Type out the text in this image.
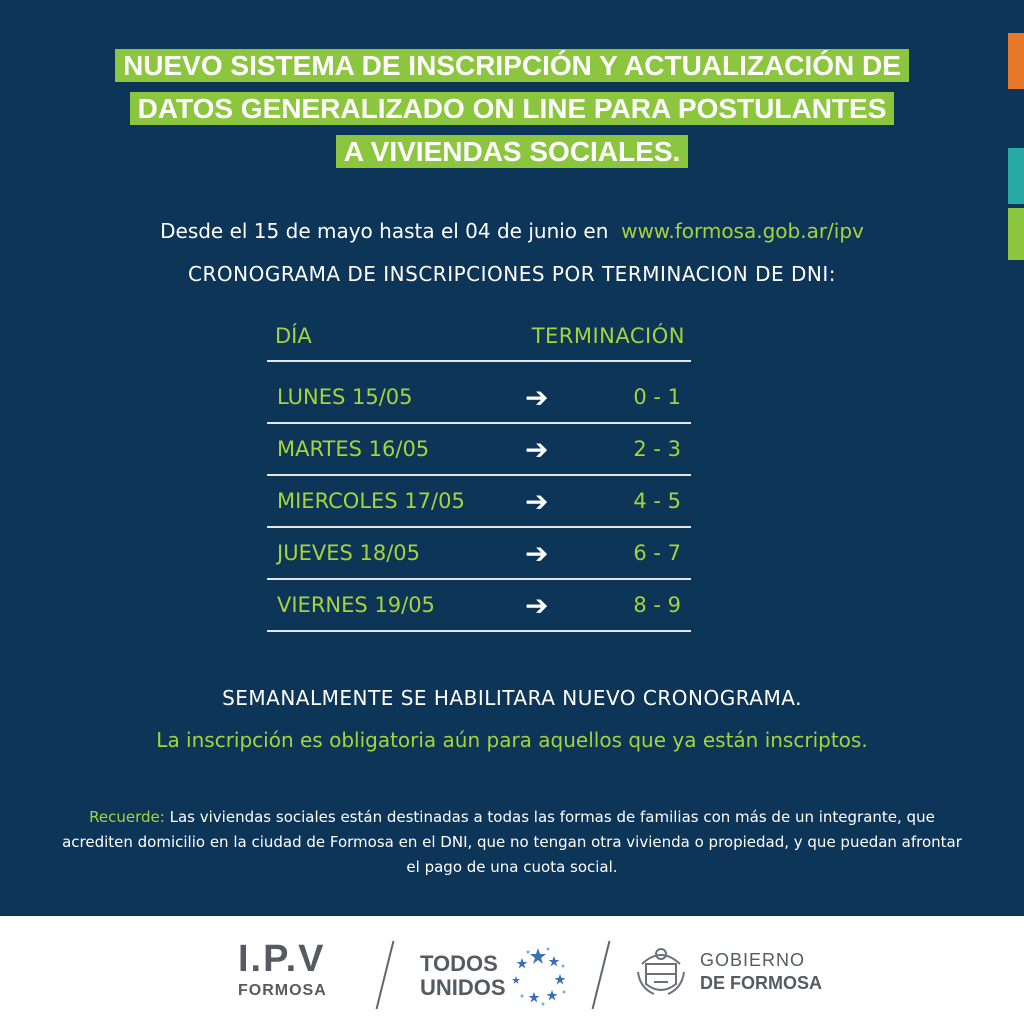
NUEVO SISTEMA DE INSCRIPCIÓN Y ACTUALIZACIÓN DE
DATOS GENERALIZADO ON LINE PARA POSTULANTES
A VIVIENDAS SOCIALES.
Desde el 15 de mayo hasta el 04 de junio en www.formosa.gob.ar/ipv
CRONOGRAMA DE INSCRIPCIONES POR TERMINACION DE DNI:
DÍA	TERMINACIÓN
LUNES 15/05	➔	0 - 1
MARTES 16/05	➔	2 - 3
MIERCOLES 17/05 ➔	4 - 5
JUEVES 18/05	➔	6 - 7
VIERNES 19/05	➔	8 - 9
SEMANALMENTE SE HABILITARA NUEVO CRONOGRAMA.
La inscripción es obligatoria aún para aquellos que ya están inscriptos.
Recuerde: Las viviendas sociales están destinadas a todas las formas de familias con más de un integrante, que acrediten domicilio en la ciudad de Formosa en el DNI, que no tengan otra vivienda o propiedad, y que puedan afrontar el pago de una cuota social.
I.P.V
FORMOSA
TODOS
UNIDOS
GOBIERNO
DE FORMOSA
